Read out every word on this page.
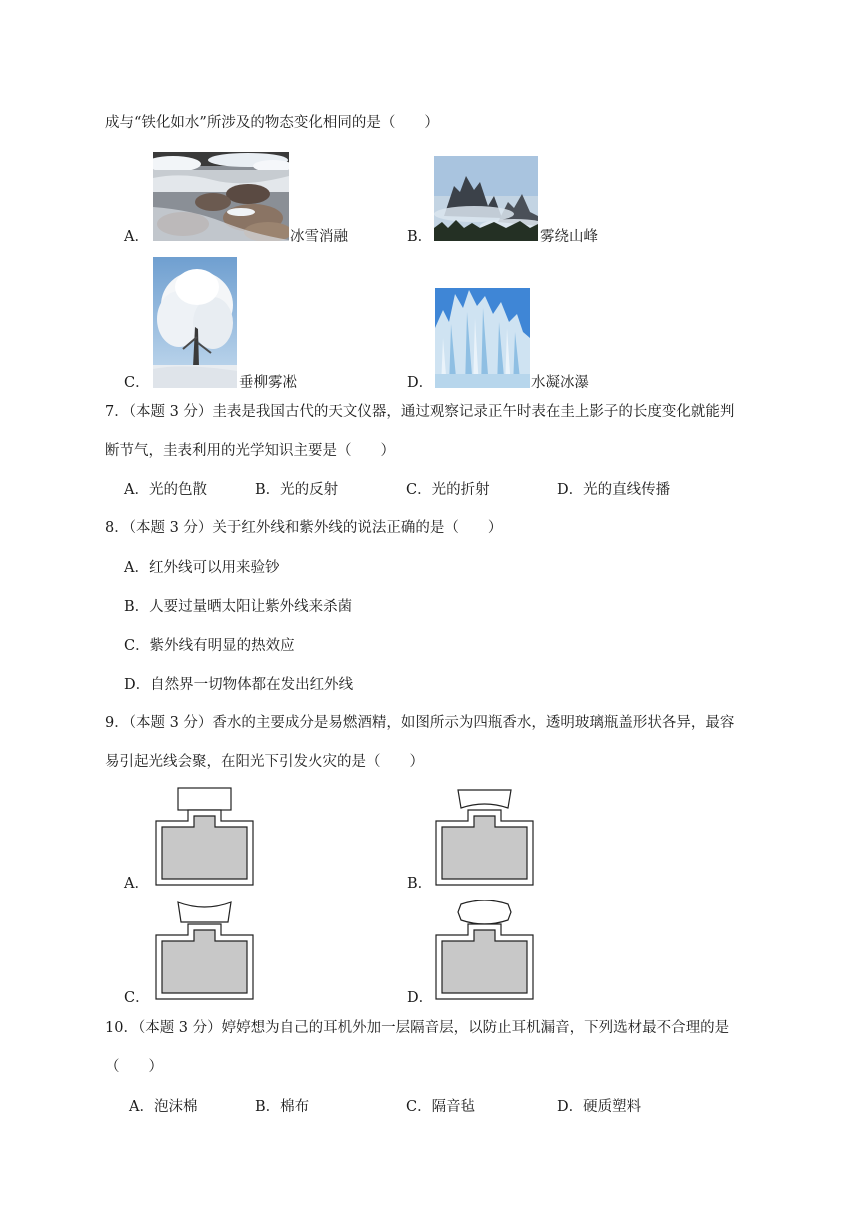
成与“铁化如水”所涉及的物态变化相同的是（　　）
A．	冰雪消融	B．	雾绕山峰
C．	垂柳雾凇	D．	水凝冰瀑
7．（本题 3 分）圭表是我国古代的天文仪器，通过观察记录正午时表在圭上影子的长度变化就能判
断节气，圭表利用的光学知识主要是（　　）
A．光的色散	B．光的反射	C．光的折射	D．光的直线传播
8．（本题 3 分）关于红外线和紫外线的说法正确的是（　　）
A．红外线可以用来验钞
B．人要过量晒太阳让紫外线来杀菌
C．紫外线有明显的热效应
D．自然界一切物体都在发出红外线
9．（本题 3 分）香水的主要成分是易燃酒精，如图所示为四瓶香水，透明玻璃瓶盖形状各异，最容
易引起光线会聚，在阳光下引发火灾的是（　　）
A．	B．
C．	D．
10．（本题 3 分）婷婷想为自己的耳机外加一层隔音层，以防止耳机漏音，下列选材最不合理的是
（　　）
A．泡沫棉	B．棉布	C．隔音毡	D．硬质塑料
